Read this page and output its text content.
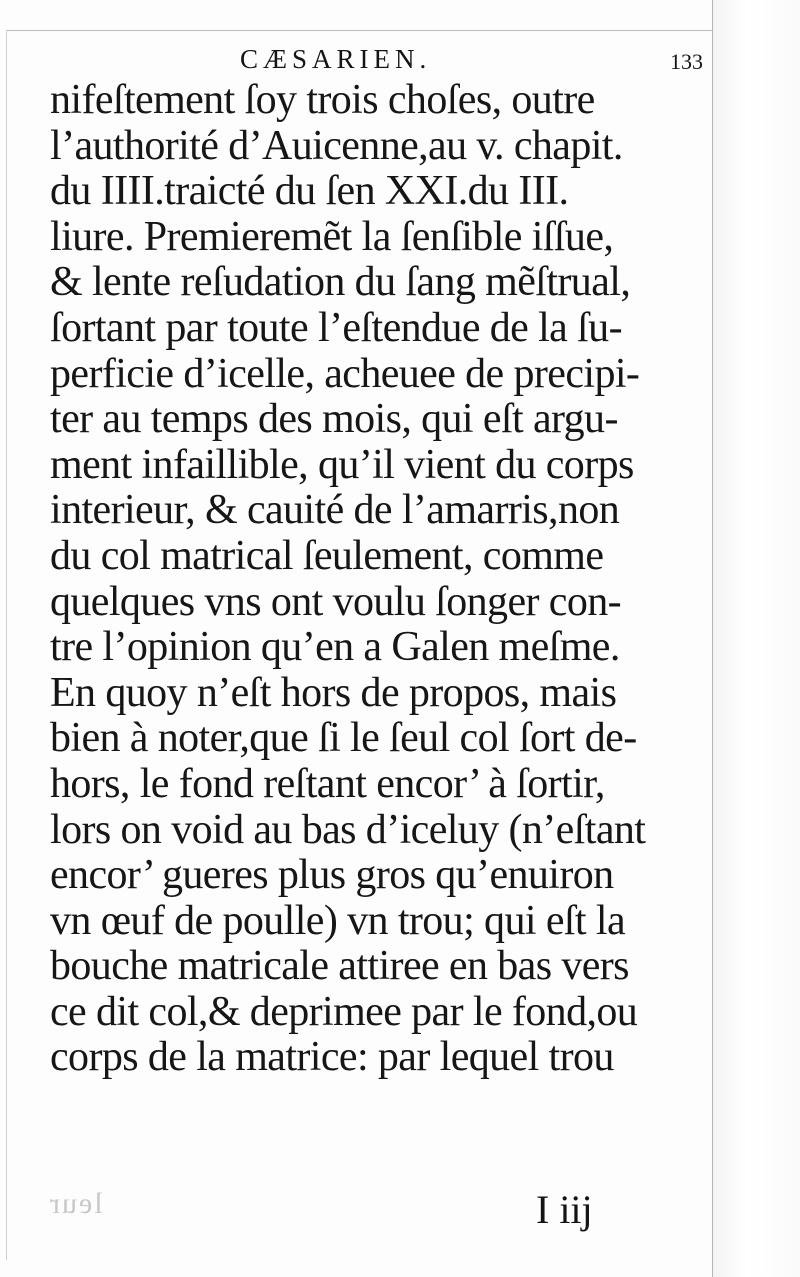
CÆSARIEN.	133
nifeſtement ſoy trois choſes, outre
l’authorité d’Auicenne,au v. chapit.
du IIII.traicté du ſen XXI.du III.
liure. Premieremẽt la ſenſible iſſue,
& lente reſudation du ſang mẽſtrual,
ſortant par toute l’eſtendue de la ſu-
perficie d’icelle, acheuee de precipi-
ter au temps des mois, qui eſt argu-
ment infaillible, qu’il vient du corps
interieur, & cauité de l’amarris,non
du col matrical ſeulement, comme
quelques vns ont voulu ſonger con-
tre l’opinion qu’en a Galen meſme.
En quoy n’eſt hors de propos, mais
bien à noter,que ſi le ſeul col ſort de-
hors, le fond reſtant encor’ à ſortir,
lors on void au bas d’iceluy (n’eſtant
encor’ gueres plus gros qu’enuiron
vn œuf de poulle) vn trou; qui eſt la
bouche matricale attiree en bas vers
ce dit col,& deprimee par le fond,ou
corps de la matrice: par lequel trou
leur	I iij
